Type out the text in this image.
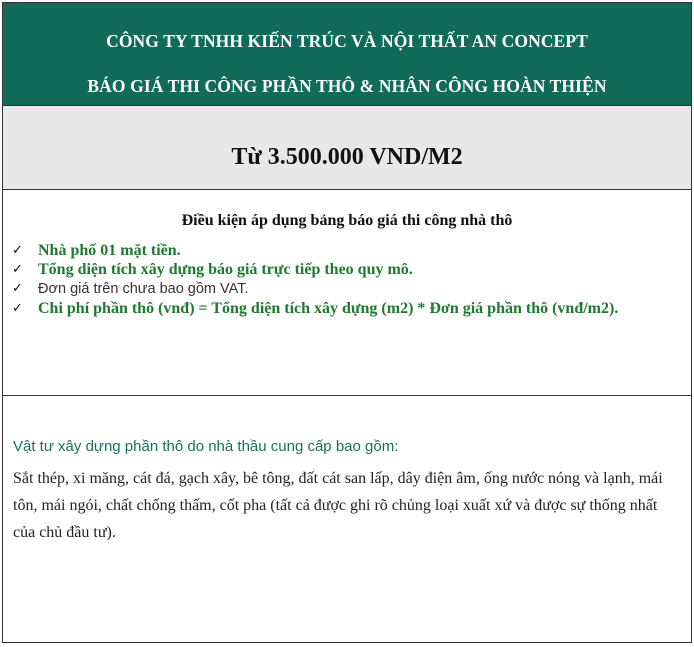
CÔNG TY TNHH KIẾN TRÚC VÀ NỘI THẤT AN CONCEPT
BÁO GIÁ THI CÔNG PHẦN THÔ & NHÂN CÔNG HOÀN THIỆN
Từ 3.500.000 VND/M2
Điều kiện áp dụng bảng báo giá thi công nhà thô
✓ Nhà phố 01 mặt tiền.
✓ Tổng diện tích xây dựng báo giá trực tiếp theo quy mô.
✓ Đơn giá trên chưa bao gồm VAT.
✓ Chi phí phần thô (vnđ) = Tổng diện tích xây dựng (m2) * Đơn giá phần thô (vnđ/m2).
Vật tư xây dựng phần thô do nhà thầu cung cấp bao gồm:
Sắt thép, xi măng, cát đá, gạch xây, bê tông, đất cát san lấp, dây điện âm, ống nước nóng và lạnh, mái tôn, mái ngói, chất chống thấm, cốt pha (tất cả được ghi rõ chủng loại xuất xứ và được sự thống nhất của chủ đầu tư).
